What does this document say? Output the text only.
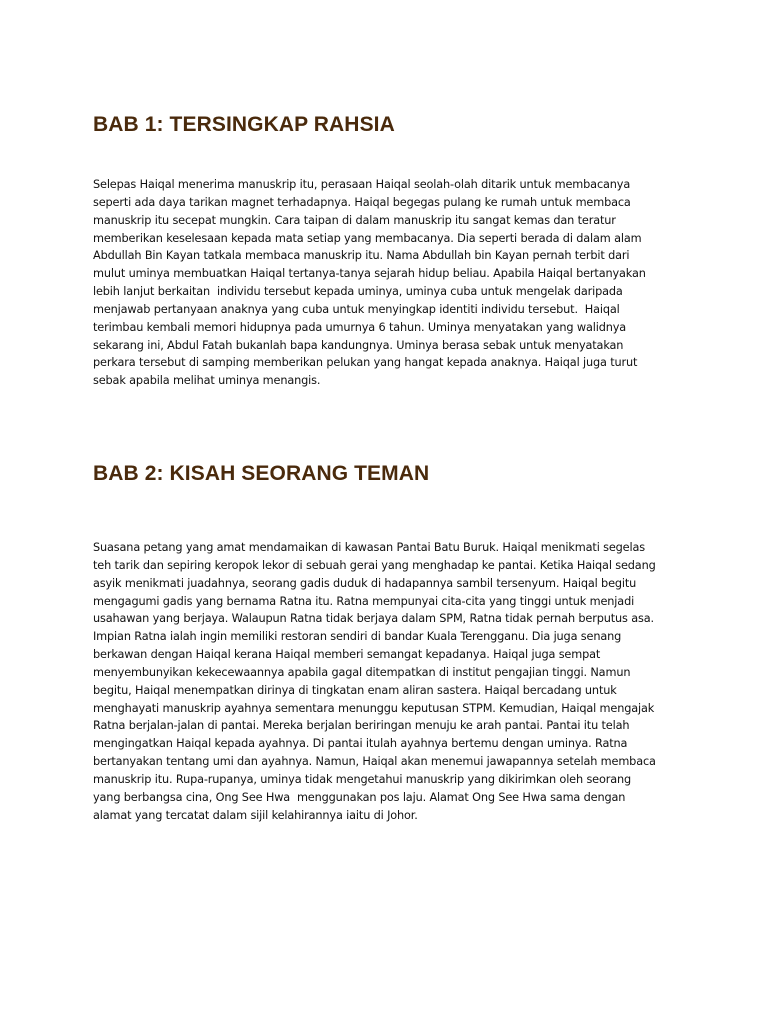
BAB 1: TERSINGKAP RAHSIA
Selepas Haiqal menerima manuskrip itu, perasaan Haiqal seolah-olah ditarik untuk membacanya
seperti ada daya tarikan magnet terhadapnya. Haiqal begegas pulang ke rumah untuk membaca
manuskrip itu secepat mungkin. Cara taipan di dalam manuskrip itu sangat kemas dan teratur
memberikan keselesaan kepada mata setiap yang membacanya. Dia seperti berada di dalam alam
Abdullah Bin Kayan tatkala membaca manuskrip itu. Nama Abdullah bin Kayan pernah terbit dari
mulut uminya membuatkan Haiqal tertanya-tanya sejarah hidup beliau. Apabila Haiqal bertanyakan
lebih lanjut berkaitan  individu tersebut kepada uminya, uminya cuba untuk mengelak daripada
menjawab pertanyaan anaknya yang cuba untuk menyingkap identiti individu tersebut.  Haiqal
terimbau kembali memori hidupnya pada umurnya 6 tahun. Uminya menyatakan yang walidnya
sekarang ini, Abdul Fatah bukanlah bapa kandungnya. Uminya berasa sebak untuk menyatakan
perkara tersebut di samping memberikan pelukan yang hangat kepada anaknya. Haiqal juga turut
sebak apabila melihat uminya menangis.
BAB 2: KISAH SEORANG TEMAN
Suasana petang yang amat mendamaikan di kawasan Pantai Batu Buruk. Haiqal menikmati segelas
teh tarik dan sepiring keropok lekor di sebuah gerai yang menghadap ke pantai. Ketika Haiqal sedang
asyik menikmati juadahnya, seorang gadis duduk di hadapannya sambil tersenyum. Haiqal begitu
mengagumi gadis yang bernama Ratna itu. Ratna mempunyai cita-cita yang tinggi untuk menjadi
usahawan yang berjaya. Walaupun Ratna tidak berjaya dalam SPM, Ratna tidak pernah berputus asa.
Impian Ratna ialah ingin memiliki restoran sendiri di bandar Kuala Terengganu. Dia juga senang
berkawan dengan Haiqal kerana Haiqal memberi semangat kepadanya. Haiqal juga sempat
menyembunyikan kekecewaannya apabila gagal ditempatkan di institut pengajian tinggi. Namun
begitu, Haiqal menempatkan dirinya di tingkatan enam aliran sastera. Haiqal bercadang untuk
menghayati manuskrip ayahnya sementara menunggu keputusan STPM. Kemudian, Haiqal mengajak
Ratna berjalan-jalan di pantai. Mereka berjalan beriringan menuju ke arah pantai. Pantai itu telah
mengingatkan Haiqal kepada ayahnya. Di pantai itulah ayahnya bertemu dengan uminya. Ratna
bertanyakan tentang umi dan ayahnya. Namun, Haiqal akan menemui jawapannya setelah membaca
manuskrip itu. Rupa-rupanya, uminya tidak mengetahui manuskrip yang dikirimkan oleh seorang
yang berbangsa cina, Ong See Hwa  menggunakan pos laju. Alamat Ong See Hwa sama dengan
alamat yang tercatat dalam sijil kelahirannya iaitu di Johor.
